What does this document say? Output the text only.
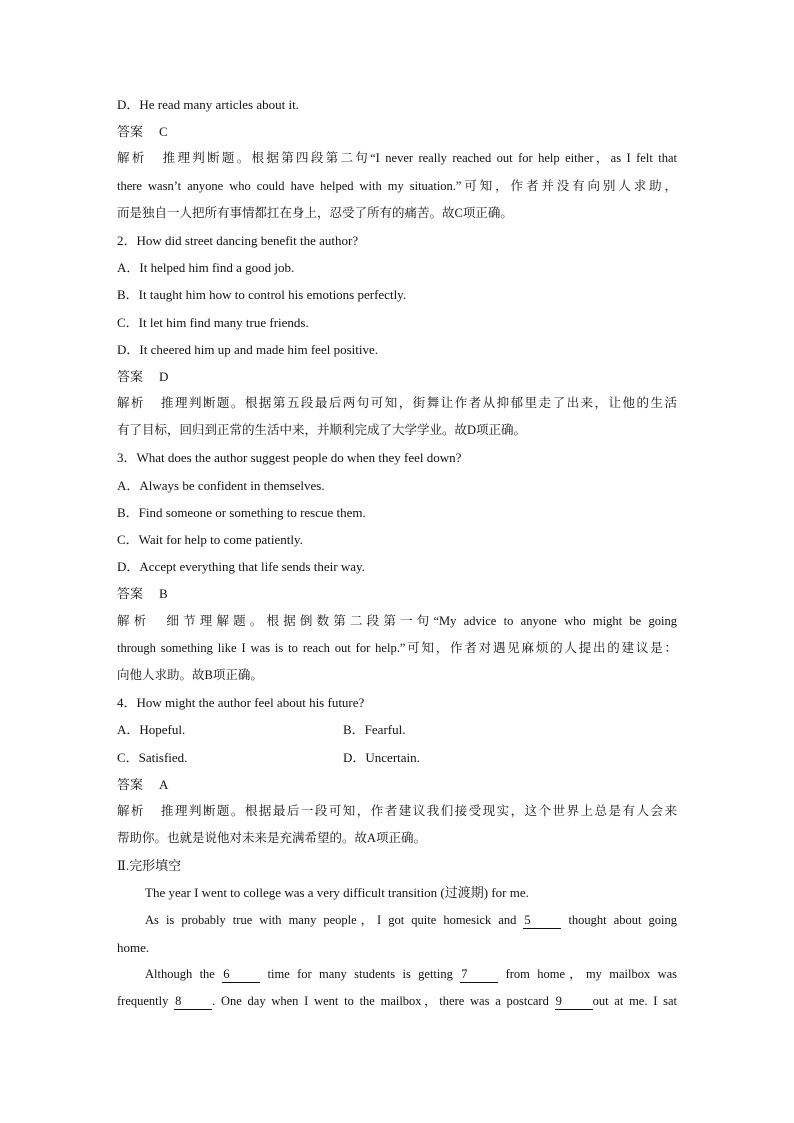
D．He read many articles about it.
答案 C
解析 推理判断题。根据第四段第二句“I never really reached out for help either，as I felt that
there wasn’t anyone who could have helped with my situation.”可知，作者并没有向别人求助，
而是独自一人把所有事情都扛在身上，忍受了所有的痛苦。故C项正确。
2．How did street dancing benefit the author?
A．It helped him find a good job.
B．It taught him how to control his emotions perfectly.
C．It let him find many true friends.
D．It cheered him up and made him feel positive.
答案 D
解析 推理判断题。根据第五段最后两句可知，街舞让作者从抑郁里走了出来，让他的生活
有了目标，回归到正常的生活中来，并顺利完成了大学学业。故D项正确。
3．What does the author suggest people do when they feel down?
A．Always be confident in themselves.
B．Find someone or something to rescue them.
C．Wait for help to come patiently.
D．Accept everything that life sends their way.
答案 B
解析 细节理解题。根据倒数第二段第一句“My advice to anyone who might be going
through something like I was is to reach out for help.”可知，作者对遇见麻烦的人提出的建议是：
向他人求助。故B项正确。
4．How might the author feel about his future?
A．Hopeful.	B．Fearful.
C．Satisfied.	D．Uncertain.
答案 A
解析 推理判断题。根据最后一段可知，作者建议我们接受现实，这个世界上总是有人会来
帮助你。也就是说他对未来是充满希望的。故A项正确。
Ⅱ.完形填空
The year I went to college was a very difficult transition (过渡期) for me.
As is probably true with many people，I got quite homesick and 5 thought about going
home.
Although the 6 time for many students is getting 7 from home，my mailbox was
frequently 8 . One day when I went to the mailbox，there was a postcard 9 out at me. I sat
